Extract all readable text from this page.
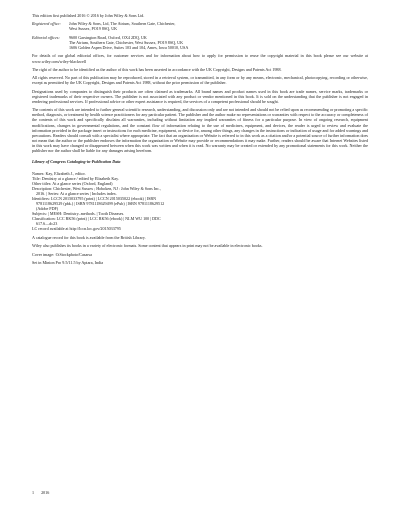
This edition first published 2016 © 2016 by John Wiley & Sons Ltd.

Registered office:	John Wiley & Sons, Ltd, The Atrium, Southern Gate, Chichester,
West Sussex, PO19 8SQ, UK
Editorial offices:	9600 Garsington Road, Oxford, OX4 2DQ, UK
The Atrium, Southern Gate, Chichester, West Sussex, PO19 8SQ, UK
1606 Golden Aspen Drive, Suites 103 and 104, Ames, Iowa 50010, USA

For details of our global editorial offices, for customer services and for information about how to apply for permission to reuse the copyright material in this book please see our website at www.wiley.com/wiley-blackwell

The right of the author to be identified as the author of this work has been asserted in accordance with the UK Copyright, Designs and Patents Act 1988.

All rights reserved. No part of this publication may be reproduced, stored in a retrieval system, or transmitted, in any form or by any means, electronic, mechanical, photocopying, recording or otherwise, except as permitted by the UK Copyright, Designs and Patents Act 1988, without the prior permission of the publisher.

Designations used by companies to distinguish their products are often claimed as trademarks. All brand names and product names used in this book are trade names, service marks, trademarks or registered trademarks of their respective owners. The publisher is not associated with any product or vendor mentioned in this book. It is sold on the understanding that the publisher is not engaged in rendering professional services. If professional advice or other expert assistance is required, the services of a competent professional should be sought.

The contents of this work are intended to further general scientific research, understanding, and discussion only and are not intended and should not be relied upon as recommending or promoting a specific method, diagnosis, or treatment by health science practitioners for any particular patient. The publisher and the author make no representations or warranties with respect to the accuracy or completeness of the contents of this work and specifically disclaim all warranties, including without limitation any implied warranties of fitness for a particular purpose. In view of ongoing research, equipment modifications, changes in governmental regulations, and the constant flow of information relating to the use of medicines, equipment, and devices, the reader is urged to review and evaluate the information provided in the package insert or instructions for each medicine, equipment, or device for, among other things, any changes in the instructions or indication of usage and for added warnings and precautions. Readers should consult with a specialist where appropriate. The fact that an organization or Website is referred to in this work as a citation and/or a potential source of further information does not mean that the author or the publisher endorses the information the organization or Website may provide or recommendations it may make. Further, readers should be aware that Internet Websites listed in this work may have changed or disappeared between when this work was written and when it is read. No warranty may be created or extended by any promotional statements for this work. Neither the publisher nor the author shall be liable for any damages arising herefrom.

Library of Congress Cataloging-in-Publication Data
Names: Kay, Elizabeth J., editor.
Title: Dentistry at a glance / edited by Elizabeth Kay.
Other titles: At a glance series (Oxford, England)
Description: Chichester, West Sussex ; Hoboken, NJ : John Wiley & Sons Inc.,
2016. | Series: At a glance series | Includes index.
Identifiers: LCCN 2015033795 (print) | LCCN 2015035022 (ebook) | ISBN
9781118629529 (pbk.) | ISBN 9781118629499 (ePub) | ISBN 9781118629512
(Adobe PDF)
Subjects: | MESH: Dentistry–methods. | Tooth Diseases.
Classification: LCC RK56 (print) | LCC RK56 (ebook) | NLM WU 100 | DDC
617.6—dc23
LC record available at http://lccn.loc.gov/2015033795

A catalogue record for this book is available from the British Library.

Wiley also publishes its books in a variety of electronic formats. Some content that appears in print may not be available in electronic books.

Cover image: ©iStockphoto/Casarsa

Set in Minion Pro 9.5/11.5 by Aptara, India

1 2016
